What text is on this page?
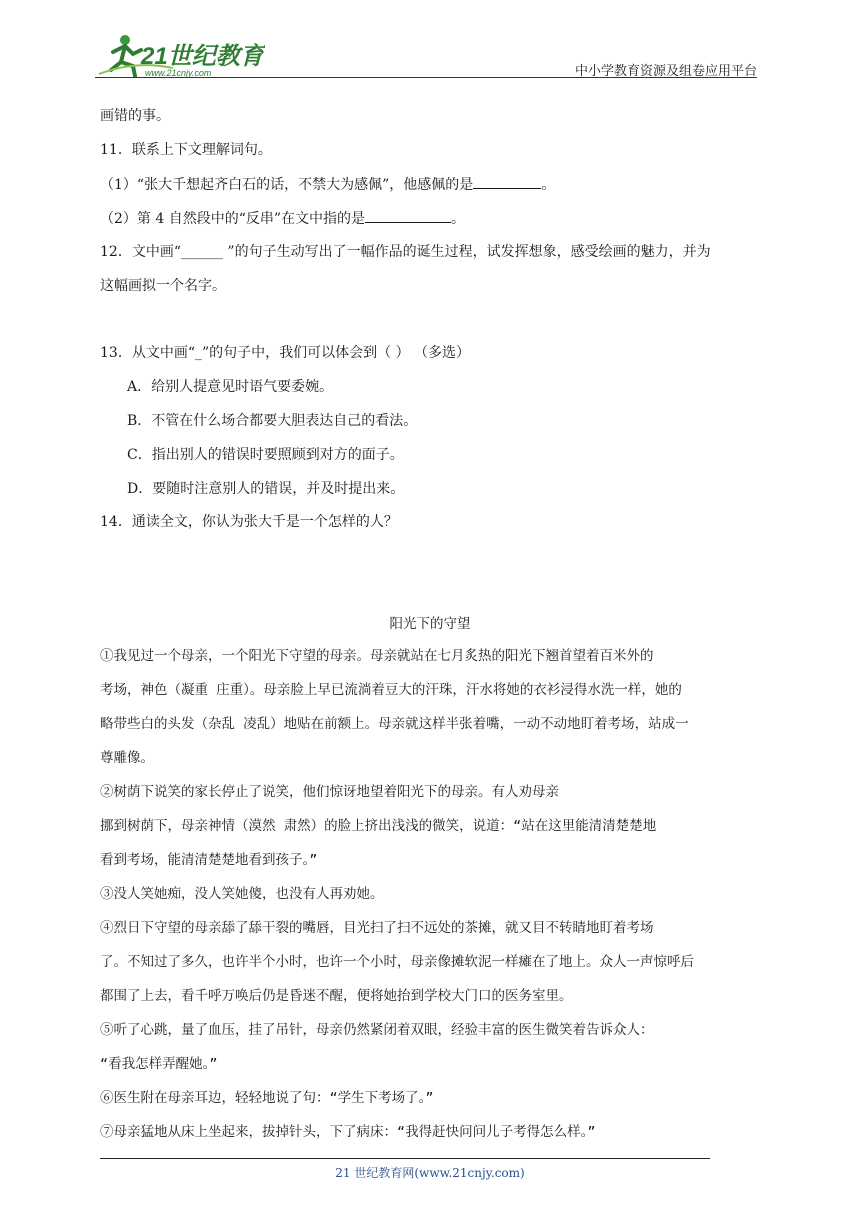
21世纪教育
www.21cnjy.com	中小学教育资源及组卷应用平台
画错的事。
11．联系上下文理解词句。
（1）“张大千想起齐白石的话，不禁大为感佩”，他感佩的是	。
（2）第 4 自然段中的“反串”在文中指的是	。
12．文中画“______ ”的句子生动写出了一幅作品的诞生过程，试发挥想象，感受绘画的魅力，并为
这幅画拟一个名字。
13．从文中画“_”的句子中，我们可以体会到（ ） （多选）
A．给别人提意见时语气要委婉。
B．不管在什么场合都要大胆表达自己的看法。
C．指出别人的错误时要照顾到对方的面子。
D．要随时注意别人的错误，并及时提出来。
14．通读全文，你认为张大千是一个怎样的人？
阳光下的守望
①我见过一个母亲，一个阳光下守望的母亲。母亲就站在七月炙热的阳光下翘首望着百米外的
考场，神色（凝重 庄重）。母亲脸上早已流淌着豆大的汗珠，汗水将她的衣衫浸得水洗一样，她的
略带些白的头发（杂乱 凌乱）地贴在前额上。母亲就这样半张着嘴，一动不动地盯着考场，站成一
尊雕像。
②树荫下说笑的家长停止了说笑，他们惊讶地望着阳光下的母亲。有人劝母亲
挪到树荫下，母亲神情（漠然 肃然）的脸上挤出浅浅的微笑，说道：“站在这里能清清楚楚地
看到考场，能清清楚楚地看到孩子。”
③没人笑她痴，没人笑她傻，也没有人再劝她。
④烈日下守望的母亲舔了舔干裂的嘴唇，目光扫了扫不远处的茶摊，就又目不转睛地盯着考场
了。不知过了多久，也许半个小时，也许一个小时，母亲像摊软泥一样瘫在了地上。众人一声惊呼后
都围了上去，看千呼万唤后仍是昏迷不醒，便将她抬到学校大门口的医务室里。
⑤听了心跳，量了血压，挂了吊针，母亲仍然紧闭着双眼，经验丰富的医生微笑着告诉众人：
“看我怎样弄醒她。”
⑥医生附在母亲耳边，轻轻地说了句：“学生下考场了。”
⑦母亲猛地从床上坐起来，拔掉针头，下了病床：“我得赶快问问儿子考得怎么样。”
21 世纪教育网(www.21cnjy.com)
